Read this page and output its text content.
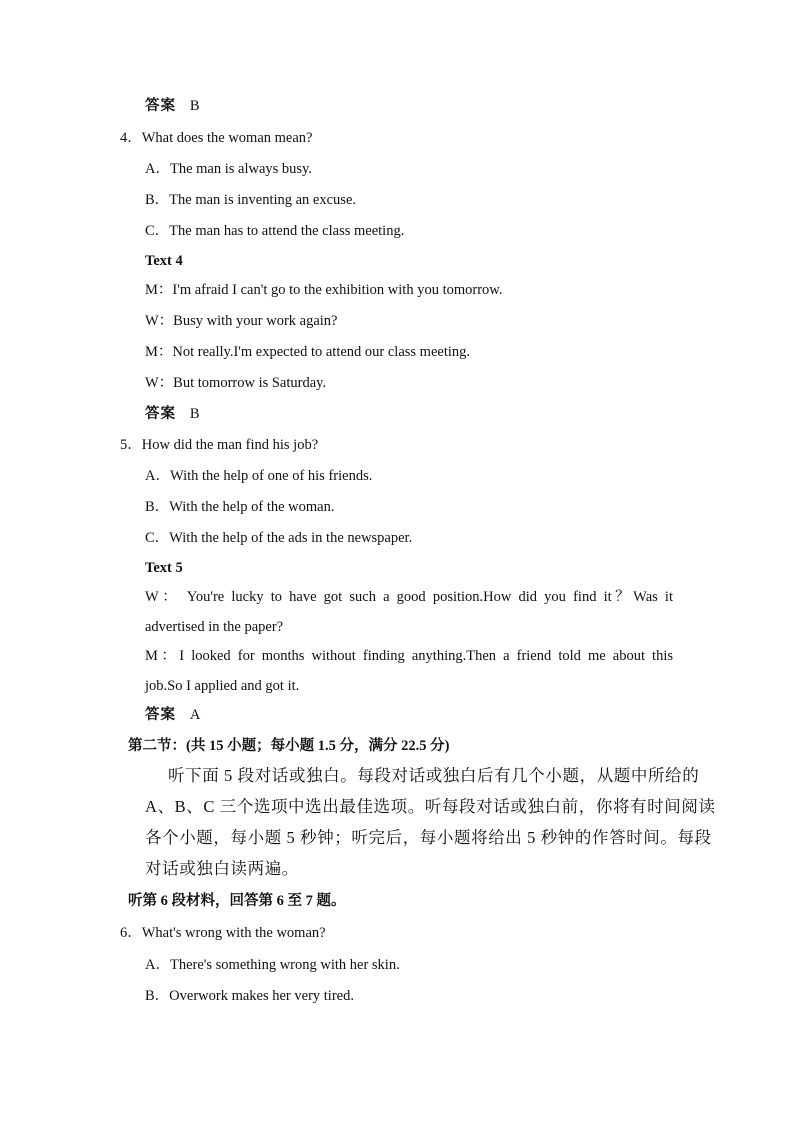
答案 B
4．What does the woman mean?
A．The man is always busy.
B．The man is inventing an excuse.
C．The man has to attend the class meeting.
Text 4
M：I'm afraid I can't go to the exhibition with you tomorrow.
W：Busy with your work again?
M：Not really.I'm expected to attend our class meeting.
W：But tomorrow is Saturday.
答案 B
5．How did the man find his job?
A．With the help of one of his friends.
B．With the help of the woman.
C．With the help of the ads in the newspaper.
Text 5
W： You're lucky to have got such a good position.How did you find it？Was it
advertised in the paper?
M：I looked for months without finding anything.Then a friend told me about this
job.So I applied and got it.
答案 A
第二节：(共 15 小题；每小题 1.5 分，满分 22.5 分)
听下面 5 段对话或独白。每段对话或独白后有几个小题，从题中所给的
A、B、C 三个选项中选出最佳选项。听每段对话或独白前，你将有时间阅读
各个小题，每小题 5 秒钟；听完后，每小题将给出 5 秒钟的作答时间。每段
对话或独白读两遍。
听第 6 段材料，回答第 6 至 7 题。
6．What's wrong with the woman?
A．There's something wrong with her skin.
B．Overwork makes her very tired.
